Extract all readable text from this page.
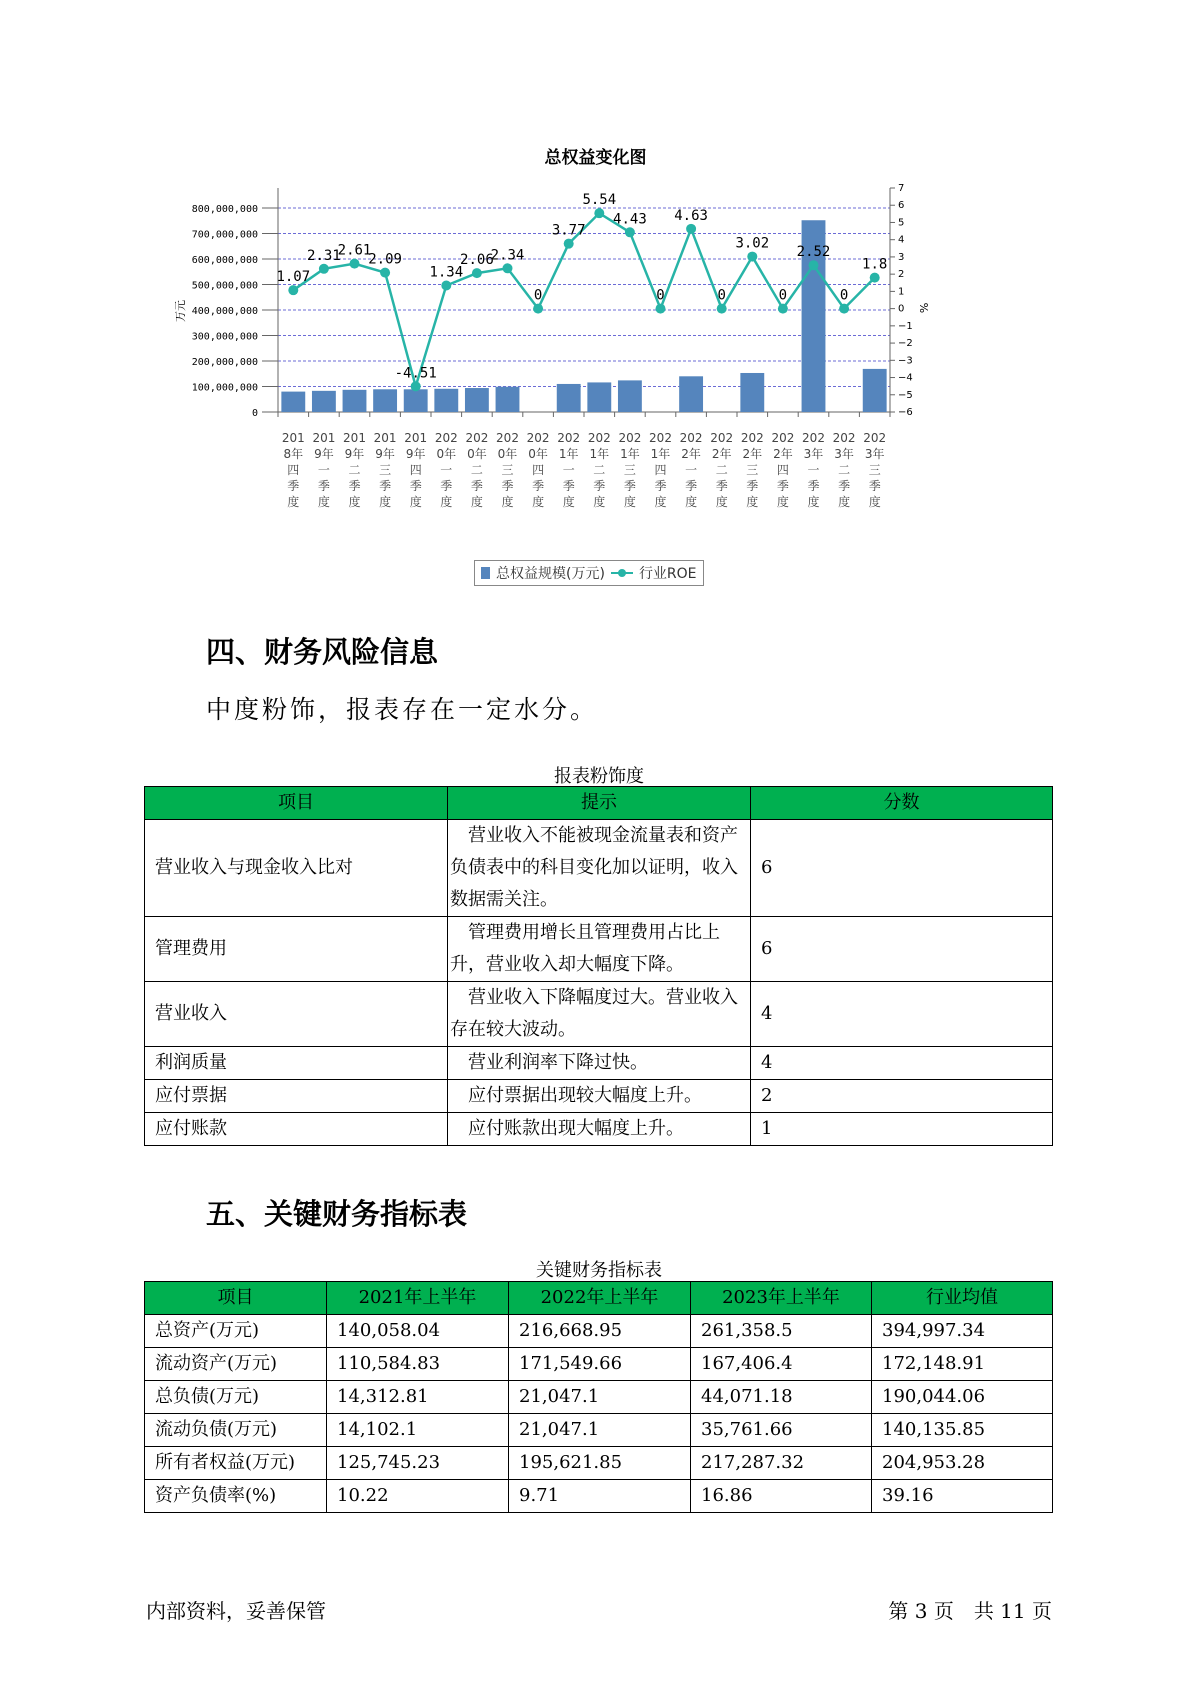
总权益变化图
800,000,000
700,000,000
600,000,000
500,000,000
400,000,000
300,000,000
200,000,000
100,000,000
0
7
6
5
4
3
2
1
0
−1
−2
−3
−4
−5
−6
万元	%
201
8年
四
季
度
201
9年
一
季
度
201
9年
二
季
度
201
9年
三
季
度
201
9年
四
季
度
202
0年
一
季
度
202
0年
二
季
度
202
0年
三
季
度
202
0年
四
季
度
202
1年
一
季
度
202
1年
二
季
度
202
1年
三
季
度
202
1年
四
季
度
202
2年
一
季
度
202
2年
二
季
度
202
2年
三
季
度
202
2年
四
季
度
202
3年
一
季
度
202
3年
二
季
度
202
3年
三
季
度
1.07
2.31
2.61
2.09
-4.51
1.34
2.06
2.34
0
3.77
5.54
4.43
0
4.63
0
3.02
0
2.52
0
1.8
总权益规模(万元) 行业ROE
四、财务风险信息
中度粉饰，报表存在一定水分。
报表粉饰度
项目	提示	分数
营业收入与现金收入比对	　营业收入不能被现金流量表和资产负债表中的科目变化加以证明，收入数据需关注。	6
管理费用	　管理费用增长且管理费用占比上升，营业收入却大幅度下降。	6
营业收入	　营业收入下降幅度过大。营业收入存在较大波动。	4
利润质量	　营业利润率下降过快。	4
应付票据	　应付票据出现较大幅度上升。	2
应付账款	　应付账款出现大幅度上升。	1
五、关键财务指标表
关键财务指标表
项目	2021年上半年	2022年上半年	2023年上半年	行业均值
总资产(万元)	140,058.04	216,668.95	261,358.5	394,997.34
流动资产(万元)	110,584.83	171,549.66	167,406.4	172,148.91
总负债(万元)	14,312.81	21,047.1	44,071.18	190,044.06
流动负债(万元)	14,102.1	21,047.1	35,761.66	140,135.85
所有者权益(万元)	125,745.23	195,621.85	217,287.32	204,953.28
资产负债率(%)	10.22	9.71	16.86	39.16
内部资料，妥善保管	第 3 页　共 11 页
